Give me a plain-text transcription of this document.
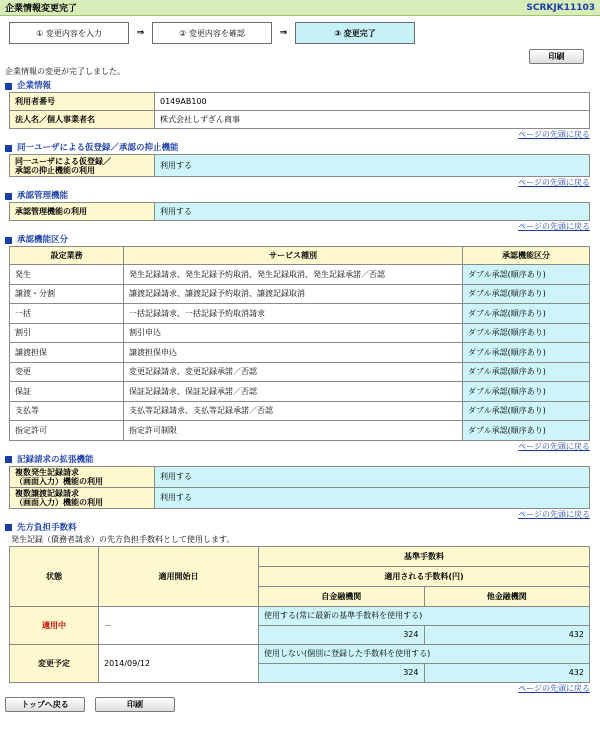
企業情報変更完了	SCRKJK11103
① 変更内容を入力	⇒	② 変更内容を確認	⇒	③ 変更完了
印刷
企業情報の変更が完了しました。
企業情報
利用者番号	0149AB100
法人名／個人事業者名	株式会社しずぎん商事
ページの先頭に戻る
同一ユーザによる仮登録／承認の抑止機能
同一ユーザによる仮登録／
承認の抑止機能の利用	利用する
ページの先頭に戻る
承認管理機能
承認管理機能の利用	利用する
ページの先頭に戻る
承認機能区分
設定業務	サービス種別	承認機能区分
発生	発生記録請求、発生記録予約取消、発生記録取消、発生記録承諾／否認	ダブル承認(順序あり)
譲渡・分割	譲渡記録請求、譲渡記録予約取消、譲渡記録取消	ダブル承認(順序あり)
一括	一括記録請求、一括記録予約取消請求	ダブル承認(順序あり)
割引	割引申込	ダブル承認(順序あり)
譲渡担保	譲渡担保申込	ダブル承認(順序あり)
変更	変更記録請求、変更記録承諾／否認	ダブル承認(順序あり)
保証	保証記録請求、保証記録承諾／否認	ダブル承認(順序あり)
支払等	支払等記録請求、支払等記録承諾／否認	ダブル承認(順序あり)
指定許可	指定許可制限	ダブル承認(順序あり)
ページの先頭に戻る
記録請求の拡張機能
複数発生記録請求
（画面入力）機能の利用	利用する

複数譲渡記録請求
（画面入力）機能の利用	利用する
ページの先頭に戻る
先方負担手数料
発生記録（債務者請求）の先方負担手数料として使用します。
状態	適用開始日	基準手数料	
		適用される手数料(円)	
		自金融機関	他金融機関
適用中	－	使用する(常に最新の基準手数料を使用する)	
		324	432
変更予定	2014/09/12	使用しない(個別に登録した手数料を使用する)	
		324	432
ページの先頭に戻る
トップへ戻る	印刷
